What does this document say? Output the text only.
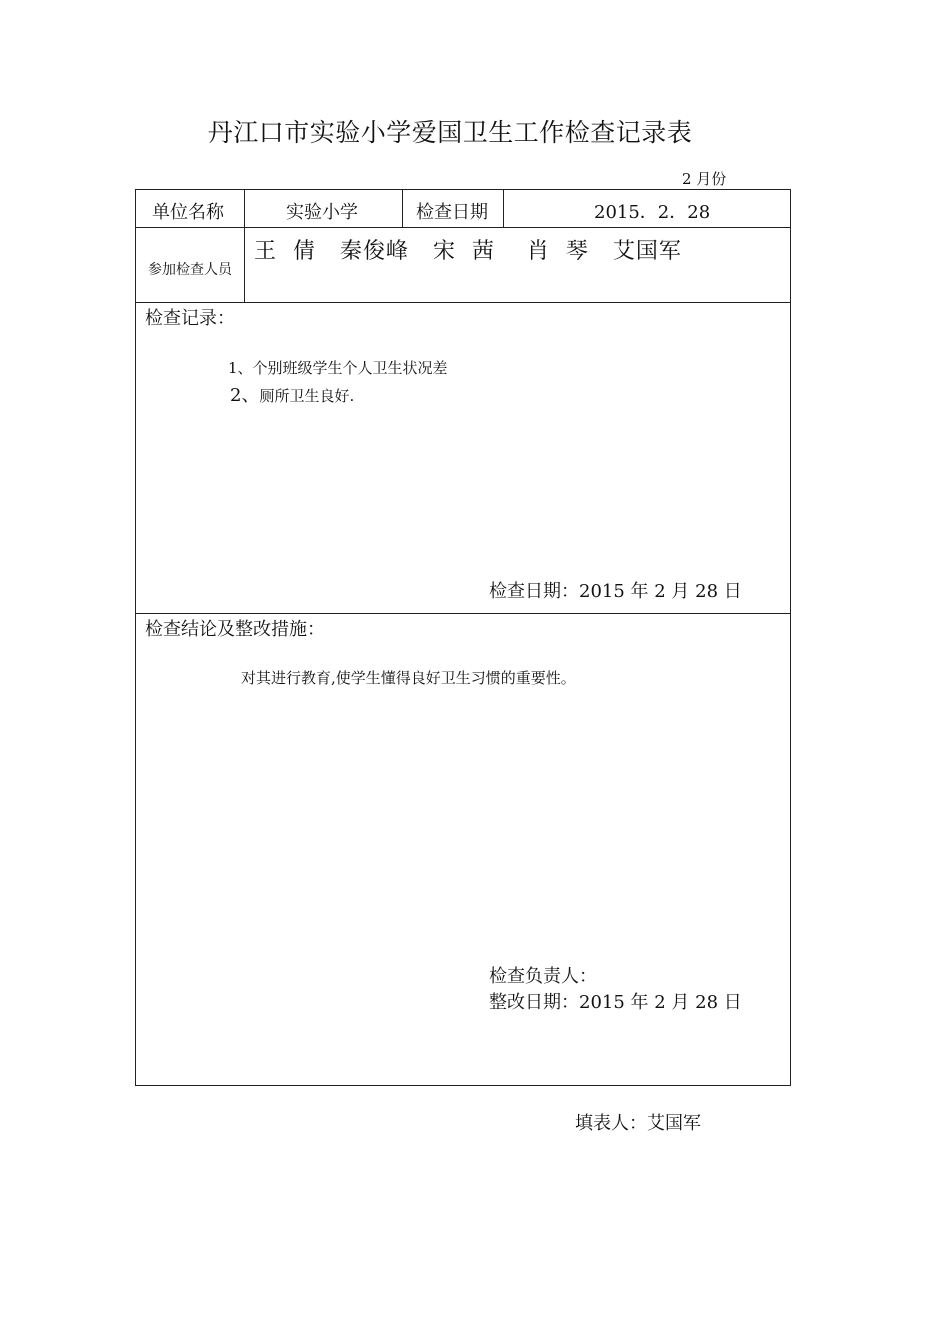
丹江口市实验小学爱国卫生工作检查记录表
2 月份
单位名称	实验小学	检查日期	2015．2．28
参加检查人员
王  倩   秦俊峰   宋  茜    肖  琴   艾国军
检查记录：
1、个别班级学生个人卫生状况差
2、厕所卫生良好.
检查日期：2015 年 2 月 28 日
检查结论及整改措施：
对其进行教育,使学生懂得良好卫生习惯的重要性。
检查负责人：
整改日期：2015 年 2 月 28 日
填表人：艾国军
